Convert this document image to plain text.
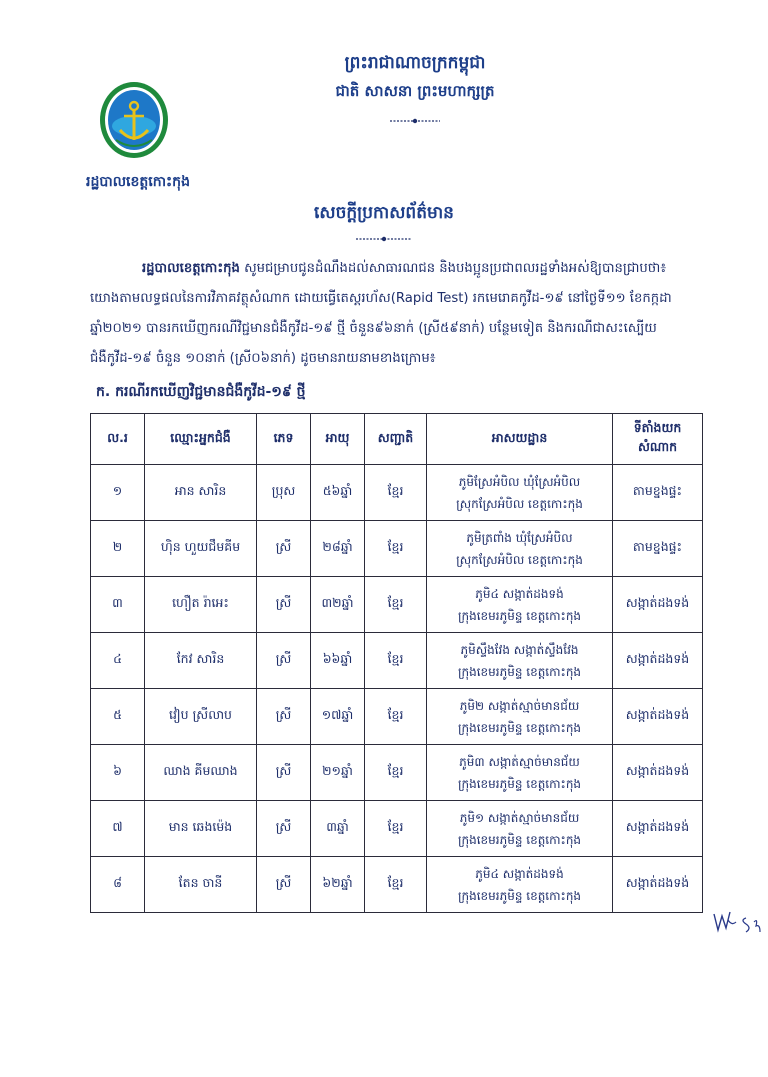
រដ្ឋបាលខេត្តកោះកុង
ព្រះរាជាណាចក្រកម្ពុជា
ជាតិ សាសនា ព្រះមហាក្សត្រ
សេចក្តីប្រកាសព័ត៌មាន
រដ្ឋបាលខេត្តកោះកុង សូមជម្រាបជូនដំណឹងដល់សាធារណជន និងបងប្អូនប្រជាពលរដ្ឋទាំងអស់ឱ្យបានជ្រាបថា៖ យោងតាមលទ្ធផលនៃការវិភាគវត្ថុសំណាក ដោយធ្វើតេស្តរហ័ស(Rapid Test) រកមេរោគកូវីដ-១៩ នៅថ្ងៃទី១១ ខែកក្កដា ឆ្នាំ២០២១ បានរកឃើញករណីវិជ្ជមានជំងឺកូវីដ-១៩ ថ្មី ចំនួន៩៦នាក់ (ស្រី៥៩នាក់) បន្ថែមទៀត និងករណីជាសះស្បើយជំងឺកូវីដ-១៩ ចំនួន ១០នាក់ (ស្រី០៦នាក់) ដូចមានរាយនាមខាងក្រោម៖
ក. ករណីរកឃើញវិជ្ជមានជំងឺកូវីដ-១៩ ថ្មី
ល.រ	ឈ្មោះអ្នកជំងឺ	ភេទ	អាយុ	សញ្ជាតិ	អាសយដ្ឋាន	ទីតាំងយកសំណាក
១	អាន សារិន	ប្រុស	៥៦ឆ្នាំ	ខ្មែរ	ភូមិស្រែអំបិល ឃុំស្រែអំបិល
ស្រុកស្រែអំបិល ខេត្តកោះកុង	តាមខ្នងផ្ទះ
២	ហ៊ិន ហួយជឹមគីម	ស្រី	២៨ឆ្នាំ	ខ្មែរ	ភូមិត្រពាំង ឃុំស្រែអំបិល
ស្រុកស្រែអំបិល ខេត្តកោះកុង	តាមខ្នងផ្ទះ
៣	ហឿត រ៉ាអេះ	ស្រី	៣២ឆ្នាំ	ខ្មែរ	ភូមិ៤ សង្កាត់ដងទង់
ក្រុងខេមរភូមិន្ទ ខេត្តកោះកុង	សង្កាត់ដងទង់
៤	កែវ សារិន	ស្រី	៦៦ឆ្នាំ	ខ្មែរ	ភូមិស្ទឹងវែង សង្កាត់ស្ទឹងវែង
ក្រុងខេមរភូមិន្ទ ខេត្តកោះកុង	សង្កាត់ដងទង់
៥	វៀប ស្រីលាប	ស្រី	១៧ឆ្នាំ	ខ្មែរ	ភូមិ២ សង្កាត់ស្មាច់មានជ័យ
ក្រុងខេមរភូមិន្ទ ខេត្តកោះកុង	សង្កាត់ដងទង់
៦	ឈាង គីមឈាង	ស្រី	២១ឆ្នាំ	ខ្មែរ	ភូមិ៣ សង្កាត់ស្មាច់មានជ័យ
ក្រុងខេមរភូមិន្ទ ខេត្តកោះកុង	សង្កាត់ដងទង់
៧	មាន ឆេងម៉េង	ស្រី	៣ឆ្នាំ	ខ្មែរ	ភូមិ១ សង្កាត់ស្មាច់មានជ័យ
ក្រុងខេមរភូមិន្ទ ខេត្តកោះកុង	សង្កាត់ដងទង់
៨	តែន ចានី	ស្រី	៦២ឆ្នាំ	ខ្មែរ	ភូមិ៤ សង្កាត់ដងទង់
ក្រុងខេមរភូមិន្ទ ខេត្តកោះកុង	សង្កាត់ដងទង់
